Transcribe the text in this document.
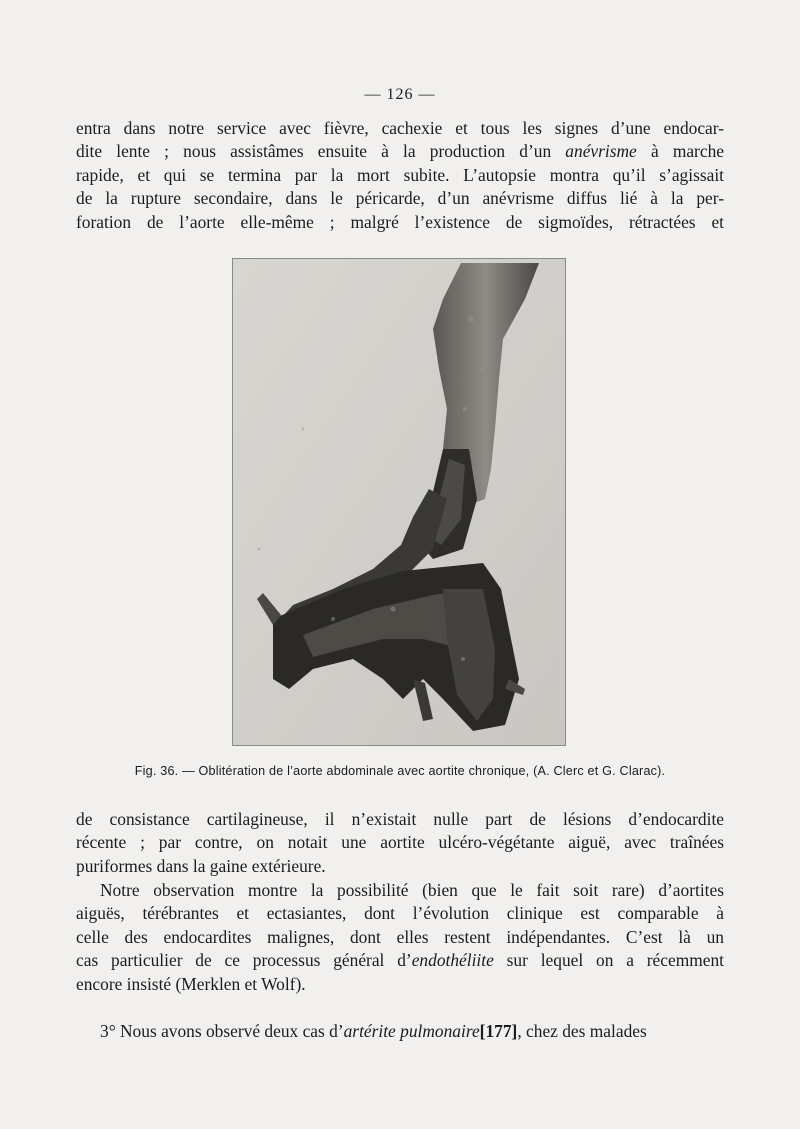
— 126 —
entra dans notre service avec fièvre, cachexie et tous les signes d’une endocar-
dite lente ; nous assistâmes ensuite à la production d’un anévrisme à marche
rapide, et qui se termina par la mort subite. L’autopsie montra qu’il s’agissait
de la rupture secondaire, dans le péricarde, d’un anévrisme diffus lié à la per-
foration de l’aorte elle-même ; malgré l’existence de sigmoïdes, rétractées et
Fig. 36. — Oblitération de l’aorte abdominale avec aortite chronique, (A. Clerc et G. Clarac).
de consistance cartilagineuse, il n’existait nulle part de lésions d’endocardite
récente ; par contre, on notait une aortite ulcéro-végétante aiguë, avec traînées
puriformes dans la gaine extérieure.
Notre observation montre la possibilité (bien que le fait soit rare) d’aortites
aiguës, térébrantes et ectasiantes, dont l’évolution clinique est comparable à
celle des endocardites malignes, dont elles restent indépendantes. C’est là un
cas particulier de ce processus général d’endothéliite sur lequel on a récemment
encore insisté (Merklen et Wolf).
3° Nous avons observé deux cas d’artérite pulmonaire[177], chez des malades
